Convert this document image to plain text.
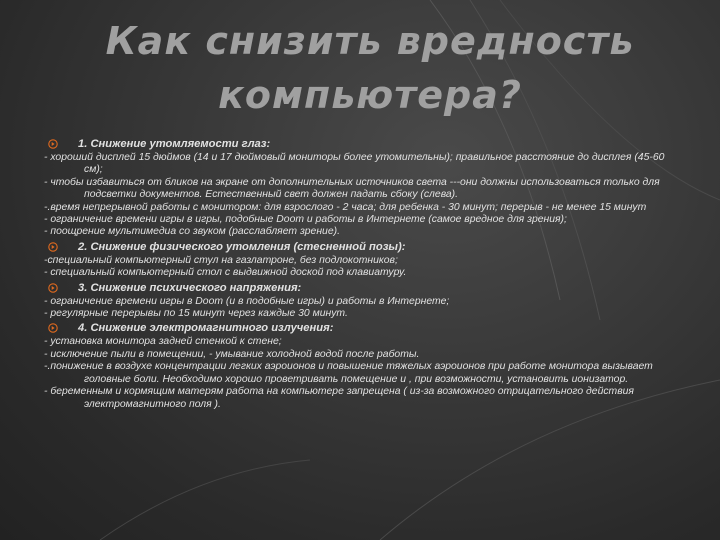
Как снизить вредность
компьютера?
1. Снижение утомляемости глаз:
- хороший дисплей 15 дюймов (14 и 17 дюймовый мониторы более утомительны); правильное расстояние до дисплея (45-60 см);
- чтобы избавиться от бликов на экране от дополнительных источников света ---они должны использоваться только для подсветки документов. Естественный свет должен падать сбоку (слева).
-.время непрерывной работы с монитором: для взрослого - 2 часа; для ребенка - 30 минут; перерыв - не менее 15 минут
- ограничение времени игры в игры, подобные Doom и работы в Интернете (самое вредное для зрения);
- поощрение мультимедиа со звуком (расслабляет зрение).
2. Снижение физического утомления (стесненной позы):
-специальный компьютерный стул на газлатроне, без подлокотников;
- специальный компьютерный стол с выдвижной доской под клавиатуру.
3. Снижение психического напряжения:
- ограничение времени игры в Doom (и в подобные игры) и работы в Интернете;
- регулярные перерывы по 15 минут через каждые 30 минут.
4. Снижение электромагнитного излучения:
- установка монитора задней стенкой к стене;
- исключение пыли в помещении, - умывание холодной водой после работы.
-.понижение в воздухе концентрации легких аэроионов и повышение тяжелых аэроионов при работе монитора вызывает головные боли. Необходимо хорошо проветривать помещение и , при возможности, установить ионизатор.
- беременным и кормящим матерям работа на компьютере запрещена ( из-за возможного отрицательного действия электромагнитного поля ).
